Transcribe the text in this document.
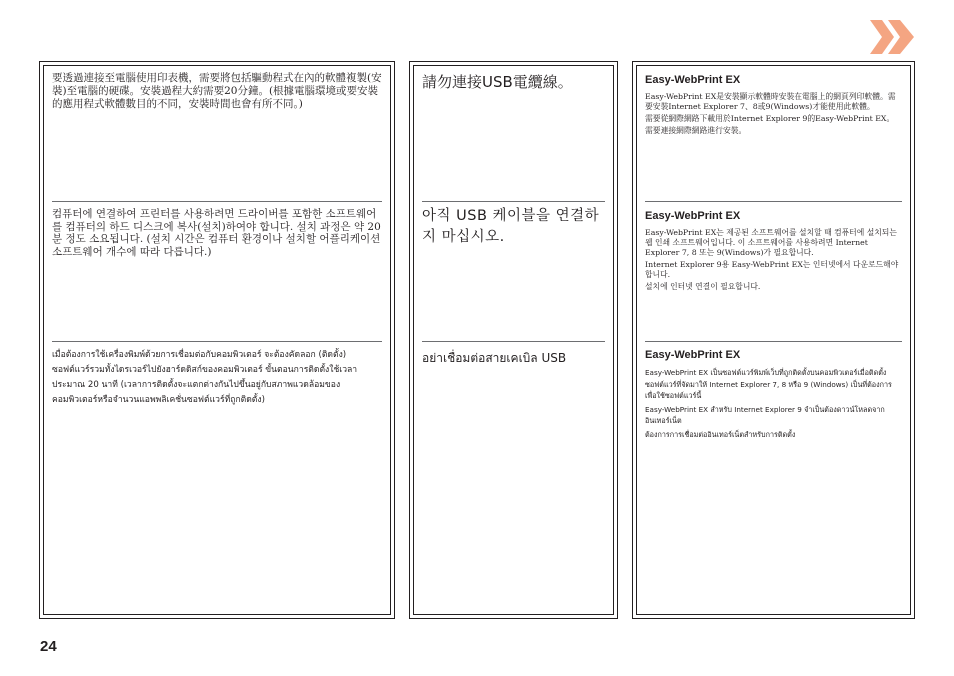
要透過連接至電腦使用印表機，需要將包括驅動程式在內的軟體複製(安裝)至電腦的硬碟。安裝過程大約需要20分鐘。(根據電腦環境或要安裝的應用程式軟體數目的不同，安裝時間也會有所不同。)

컴퓨터에 연결하여 프린터를 사용하려면 드라이버를 포함한 소프트웨어를 컴퓨터의 하드 디스크에 복사(설치)하여야 합니다. 설치 과정은 약 20분 정도 소요됩니다. (설치 시간은 컴퓨터 환경이나 설치할 어플리케이션 소프트웨어 개수에 따라 다릅니다.)

เมื่อต้องการใช้เครื่องพิมพ์ด้วยการเชื่อมต่อกับคอมพิวเตอร์ จะต้องคัดลอก (ติดตั้ง) ซอฟต์แวร์รวมทั้งไดรเวอร์ไปยังฮาร์ดดิสก์ของคอมพิวเตอร์ ขั้นตอนการติดตั้งใช้เวลาประมาณ 20 นาที (เวลาการติดตั้งจะแตกต่างกันไปขึ้นอยู่กับสภาพแวดล้อมของคอมพิวเตอร์หรือจำนวนแอพพลิเคชั่นซอฟต์แวร์ที่ถูกติดตั้ง)

請勿連接USB電纜線。

아직 USB 케이블을 연결하지 마십시오.

อย่าเชื่อมต่อสายเคเบิล USB

Easy-WebPrint EX

Easy-WebPrint EX是安裝顯示軟體時安裝在電腦上的網頁列印軟體。需要安裝Internet Explorer 7、8或9(Windows)才能使用此軟體。

需要從網際網路下載用於Internet Explorer 9的Easy-WebPrint EX。

需要連接網際網路進行安裝。

Easy-WebPrint EX

Easy-WebPrint EX는 제공된 소프트웨어를 설치할 때 컴퓨터에 설치되는 웹 인쇄 소프트웨어입니다. 이 소프트웨어를 사용하려면 Internet Explorer 7, 8 또는 9(Windows)가 필요합니다.

Internet Explorer 9용 Easy-WebPrint EX는 인터넷에서 다운로드해야 합니다.

설치에 인터넷 연결이 필요합니다.

Easy-WebPrint EX

Easy-WebPrint EX เป็นซอฟต์แวร์พิมพ์เว็บที่ถูกติดตั้งบนคอมพิวเตอร์เมื่อติดตั้งซอฟต์แวร์ที่จัดมาให้ Internet Explorer 7, 8 หรือ 9 (Windows) เป็นที่ต้องการเพื่อใช้ซอฟต์แวร์นี้

Easy-WebPrint EX สำหรับ Internet Explorer 9 จำเป็นต้องดาวน์โหลดจากอินเทอร์เน็ต

ต้องการการเชื่อมต่ออินเทอร์เน็ตสำหรับการติดตั้ง

24
